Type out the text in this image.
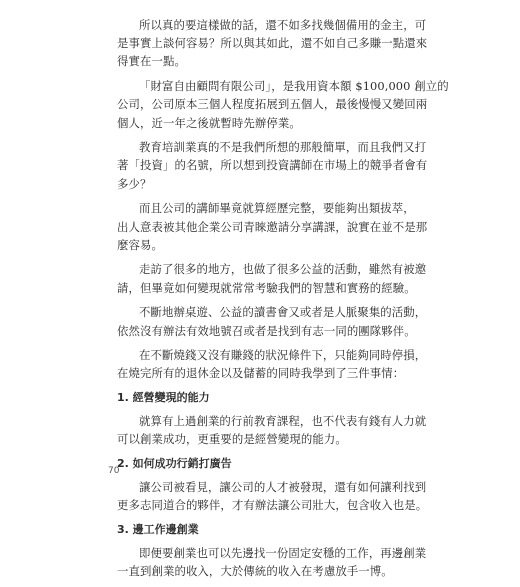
所以真的要這樣做的話，還不如多找幾個備用的金主，可
是事實上談何容易？所以與其如此，還不如自己多賺一點還來
得實在一點。
「財富自由顧問有限公司」，是我用資本額 $100,000 創立的
公司，公司原本三個人程度拓展到五個人，最後慢慢又變回兩
個人，近一年之後就暫時先辦停業。
教育培訓業真的不是我們所想的那般簡單，而且我們又打
著「投資」的名號，所以想到投資講師在市場上的競爭者會有
多少？
而且公司的講師畢竟就算經歷完整，要能夠出類拔萃，
出人意表被其他企業公司青睞邀請分享講課，說實在並不是那
麼容易。
走訪了很多的地方，也做了很多公益的活動，雖然有被邀
請，但畢竟如何變現就常常考驗我們的智慧和實務的經驗。
不斷地辦桌遊、公益的讀書會又或者是人脈聚集的活動，
依然沒有辦法有效地號召或者是找到有志一同的團隊夥伴。
在不斷燒錢又沒有賺錢的狀況條件下，只能夠同時停損，
在燒完所有的退休金以及儲蓄的同時我學到了三件事情：
1. 經營變現的能力
就算有上過創業的行前教育課程，也不代表有錢有人力就
可以創業成功，更重要的是經營變現的能力。
2. 如何成功行銷打廣告
讓公司被看見，讓公司的人才被發現，還有如何讓利找到
更多志同道合的夥伴，才有辦法讓公司壯大，包含收入也是。
3. 邊工作邊創業
即便要創業也可以先邊找一份固定安穩的工作，再邊創業
一直到創業的收入，大於傳統的收入在考慮放手一博。
70
